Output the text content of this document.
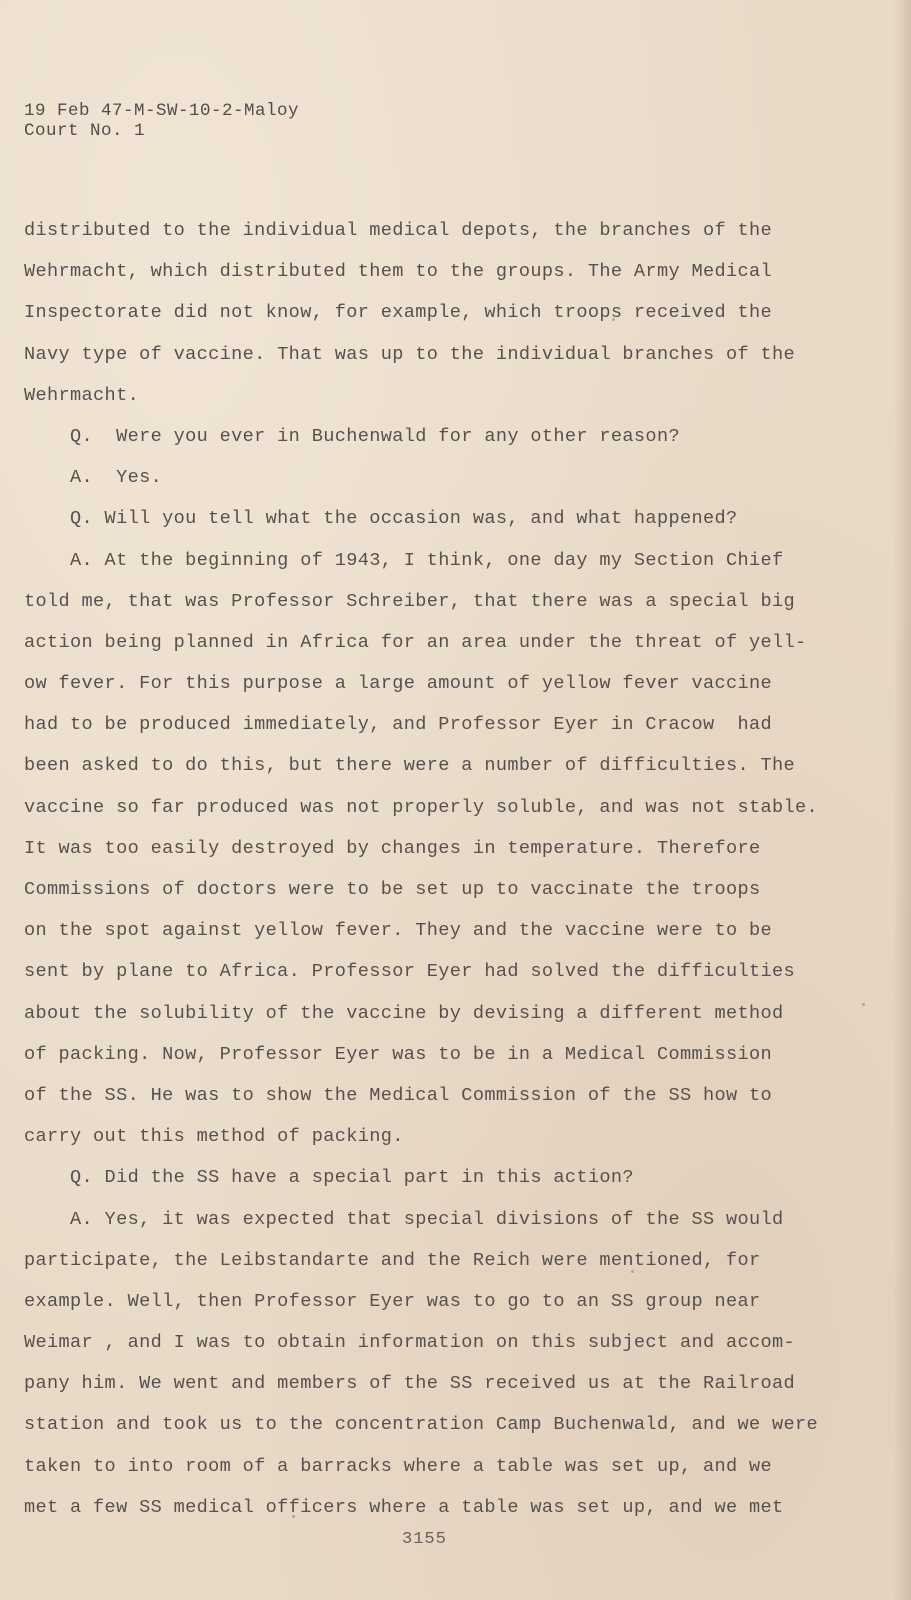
19 Feb 47-M-SW-10-2-Maloy
Court No. 1
distributed to the individual medical depots, the branches of the
Wehrmacht, which distributed them to the groups. The Army Medical
Inspectorate did not know, for example, which troops received the
Navy type of vaccine. That was up to the individual branches of the
Wehrmacht.
Q.  Were you ever in Buchenwald for any other reason?
A.  Yes.
Q. Will you tell what the occasion was, and what happened?
A. At the beginning of 1943, I think, one day my Section Chief
told me, that was Professor Schreiber, that there was a special big
action being planned in Africa for an area under the threat of yell-
ow fever. For this purpose a large amount of yellow fever vaccine
had to be produced immediately, and Professor Eyer in Cracow  had
been asked to do this, but there were a number of difficulties. The
vaccine so far produced was not properly soluble, and was not stable.
It was too easily destroyed by changes in temperature. Therefore
Commissions of doctors were to be set up to vaccinate the troops
on the spot against yellow fever. They and the vaccine were to be
sent by plane to Africa. Professor Eyer had solved the difficulties
about the solubility of the vaccine by devising a different method
of packing. Now, Professor Eyer was to be in a Medical Commission
of the SS. He was to show the Medical Commission of the SS how to
carry out this method of packing.
Q. Did the SS have a special part in this action?
A. Yes, it was expected that special divisions of the SS would
participate, the Leibstandarte and the Reich were mentioned, for
example. Well, then Professor Eyer was to go to an SS group near
Weimar , and I was to obtain information on this subject and accom-
pany him. We went and members of the SS received us at the Railroad
station and took us to the concentration Camp Buchenwald, and we were
taken to into room of a barracks where a table was set up, and we
met a few SS medical officers where a table was set up, and we met
3155
